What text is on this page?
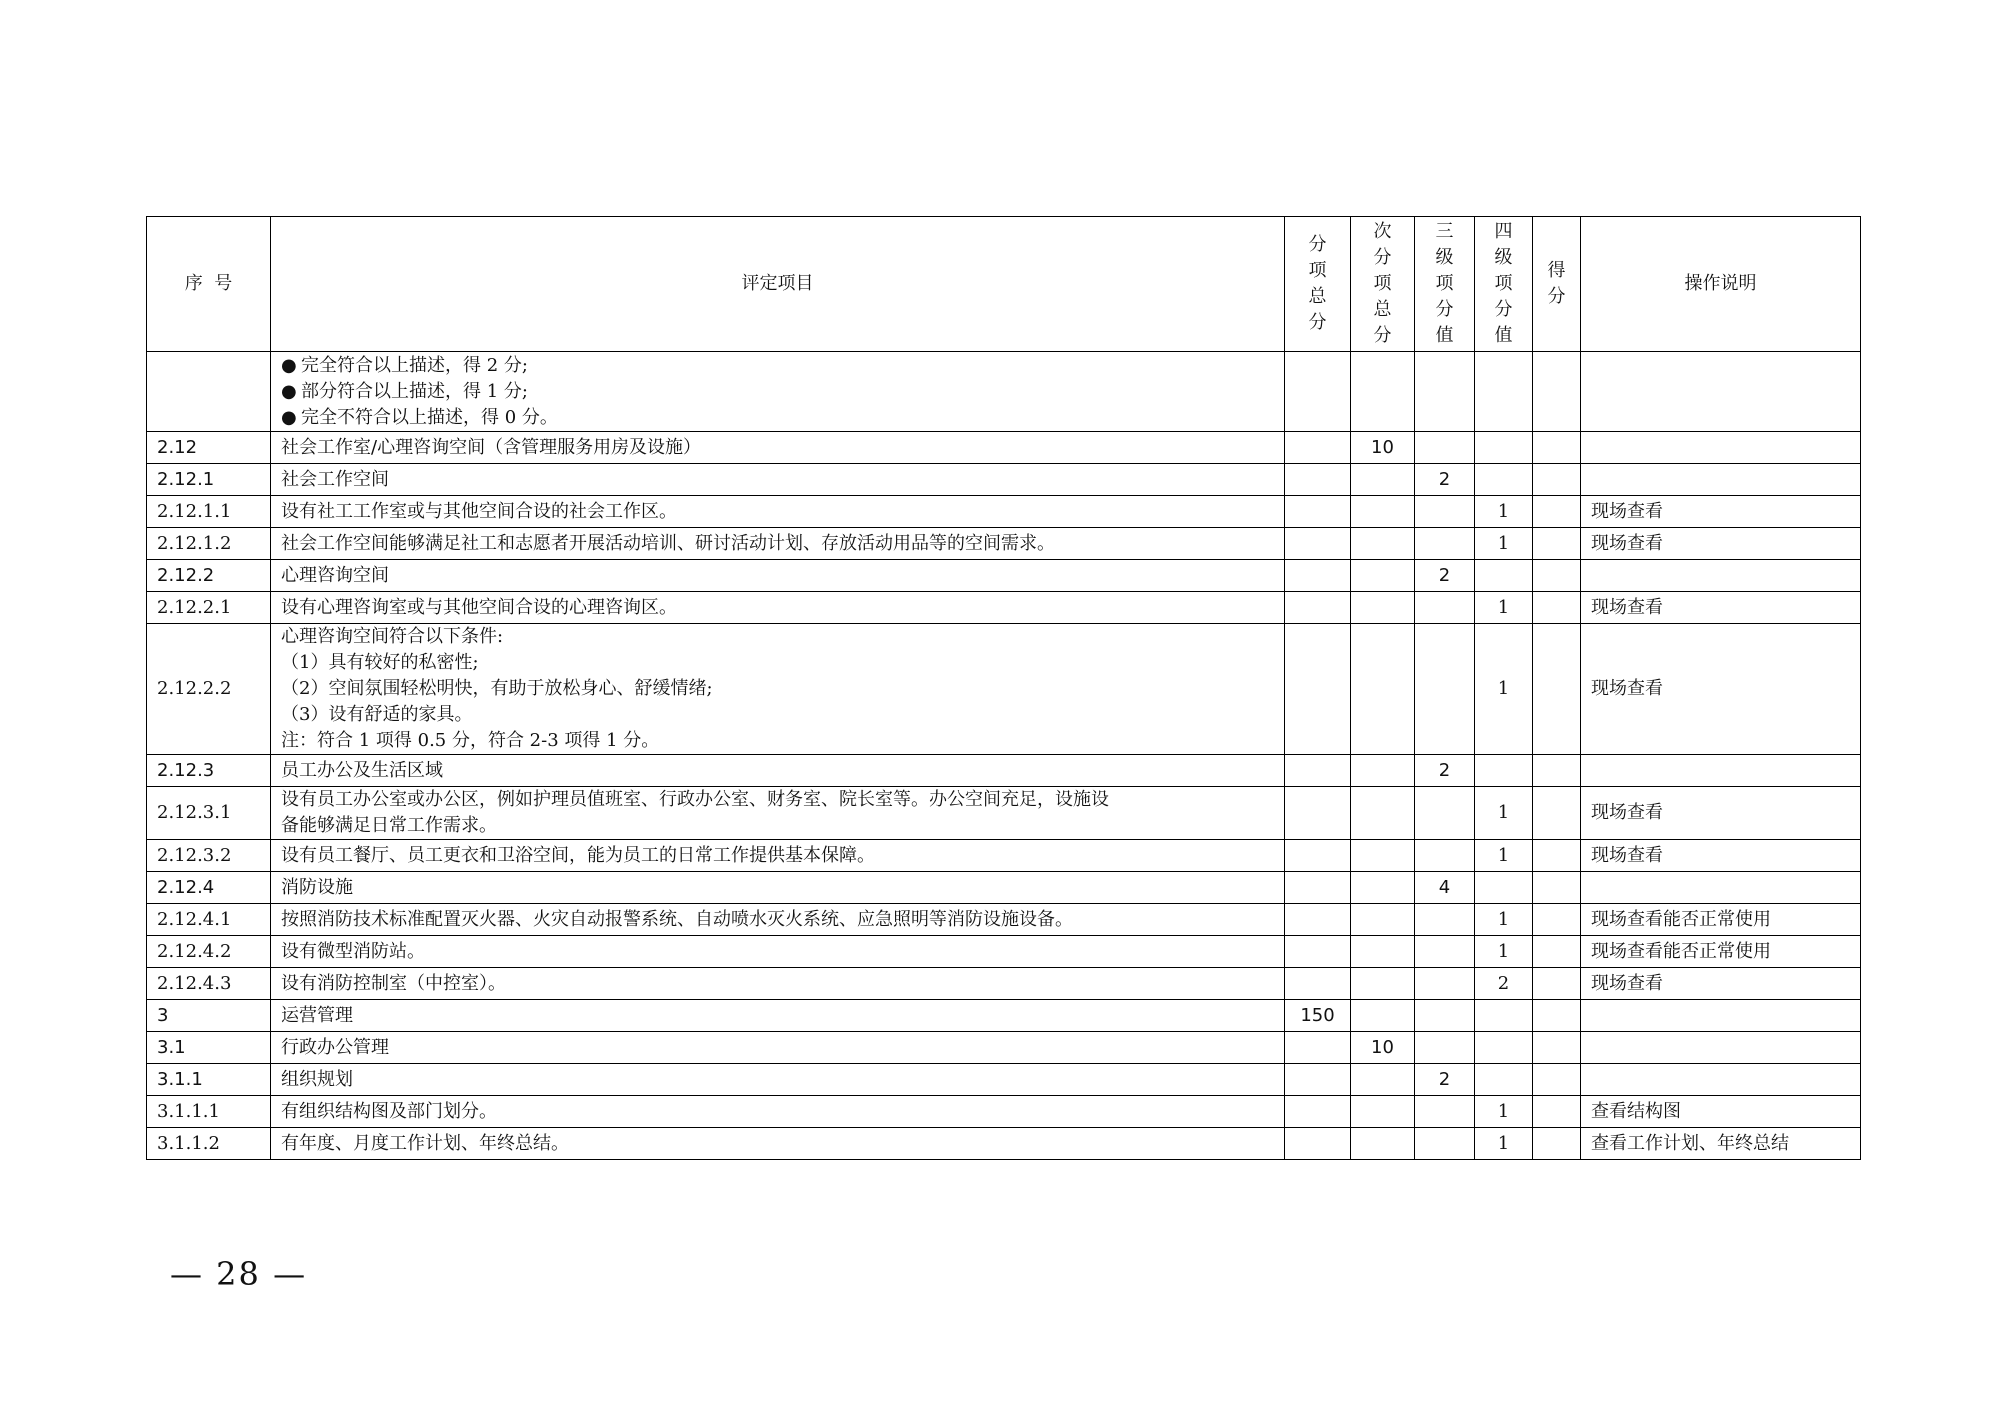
序  号	评定项目	分项总分	次分项总分	三级项分值	四级项分值	得分	操作说明

	● 完全符合以上描述，得 2 分;
● 部分符合以上描述，得 1 分;
● 完全不符合以上描述，得 0 分。						

2.12	社会工作室/心理咨询空间（含管理服务用房及设施）		10				
2.12.1	社会工作空间			2			
2.12.1.1	设有社工工作室或与其他空间合设的社会工作区。				1		现场查看
2.12.1.2	社会工作空间能够满足社工和志愿者开展活动培训、研讨活动计划、存放活动用品等的空间需求。				1		现场查看
2.12.2	心理咨询空间			2			
2.12.2.1	设有心理咨询室或与其他空间合设的心理咨询区。				1		现场查看
2.12.2.2	心理咨询空间符合以下条件:
（1）具有较好的私密性;
（2）空间氛围轻松明快，有助于放松身心、舒缓情绪;
（3）设有舒适的家具。
注：符合 1 项得 0.5 分，符合 2-3 项得 1 分。				1		现场查看
2.12.3	员工办公及生活区域			2			
2.12.3.1	设有员工办公室或办公区，例如护理员值班室、行政办公室、财务室、院长室等。办公空间充足，设施设
备能够满足日常工作需求。				1		现场查看
2.12.3.2	设有员工餐厅、员工更衣和卫浴空间，能为员工的日常工作提供基本保障。				1		现场查看
2.12.4	消防设施			4			
2.12.4.1	按照消防技术标准配置灭火器、火灾自动报警系统、自动喷水灭火系统、应急照明等消防设施设备。				1		现场查看能否正常使用
2.12.4.2	设有微型消防站。				1		现场查看能否正常使用
2.12.4.3	设有消防控制室（中控室）。				2		现场查看
3	运营管理	150					
3.1	行政办公管理		10				
3.1.1	组织规划			2			
3.1.1.1	有组织结构图及部门划分。				1		查看结构图
3.1.1.2	有年度、月度工作计划、年终总结。				1		查看工作计划、年终总结
— 28 —
